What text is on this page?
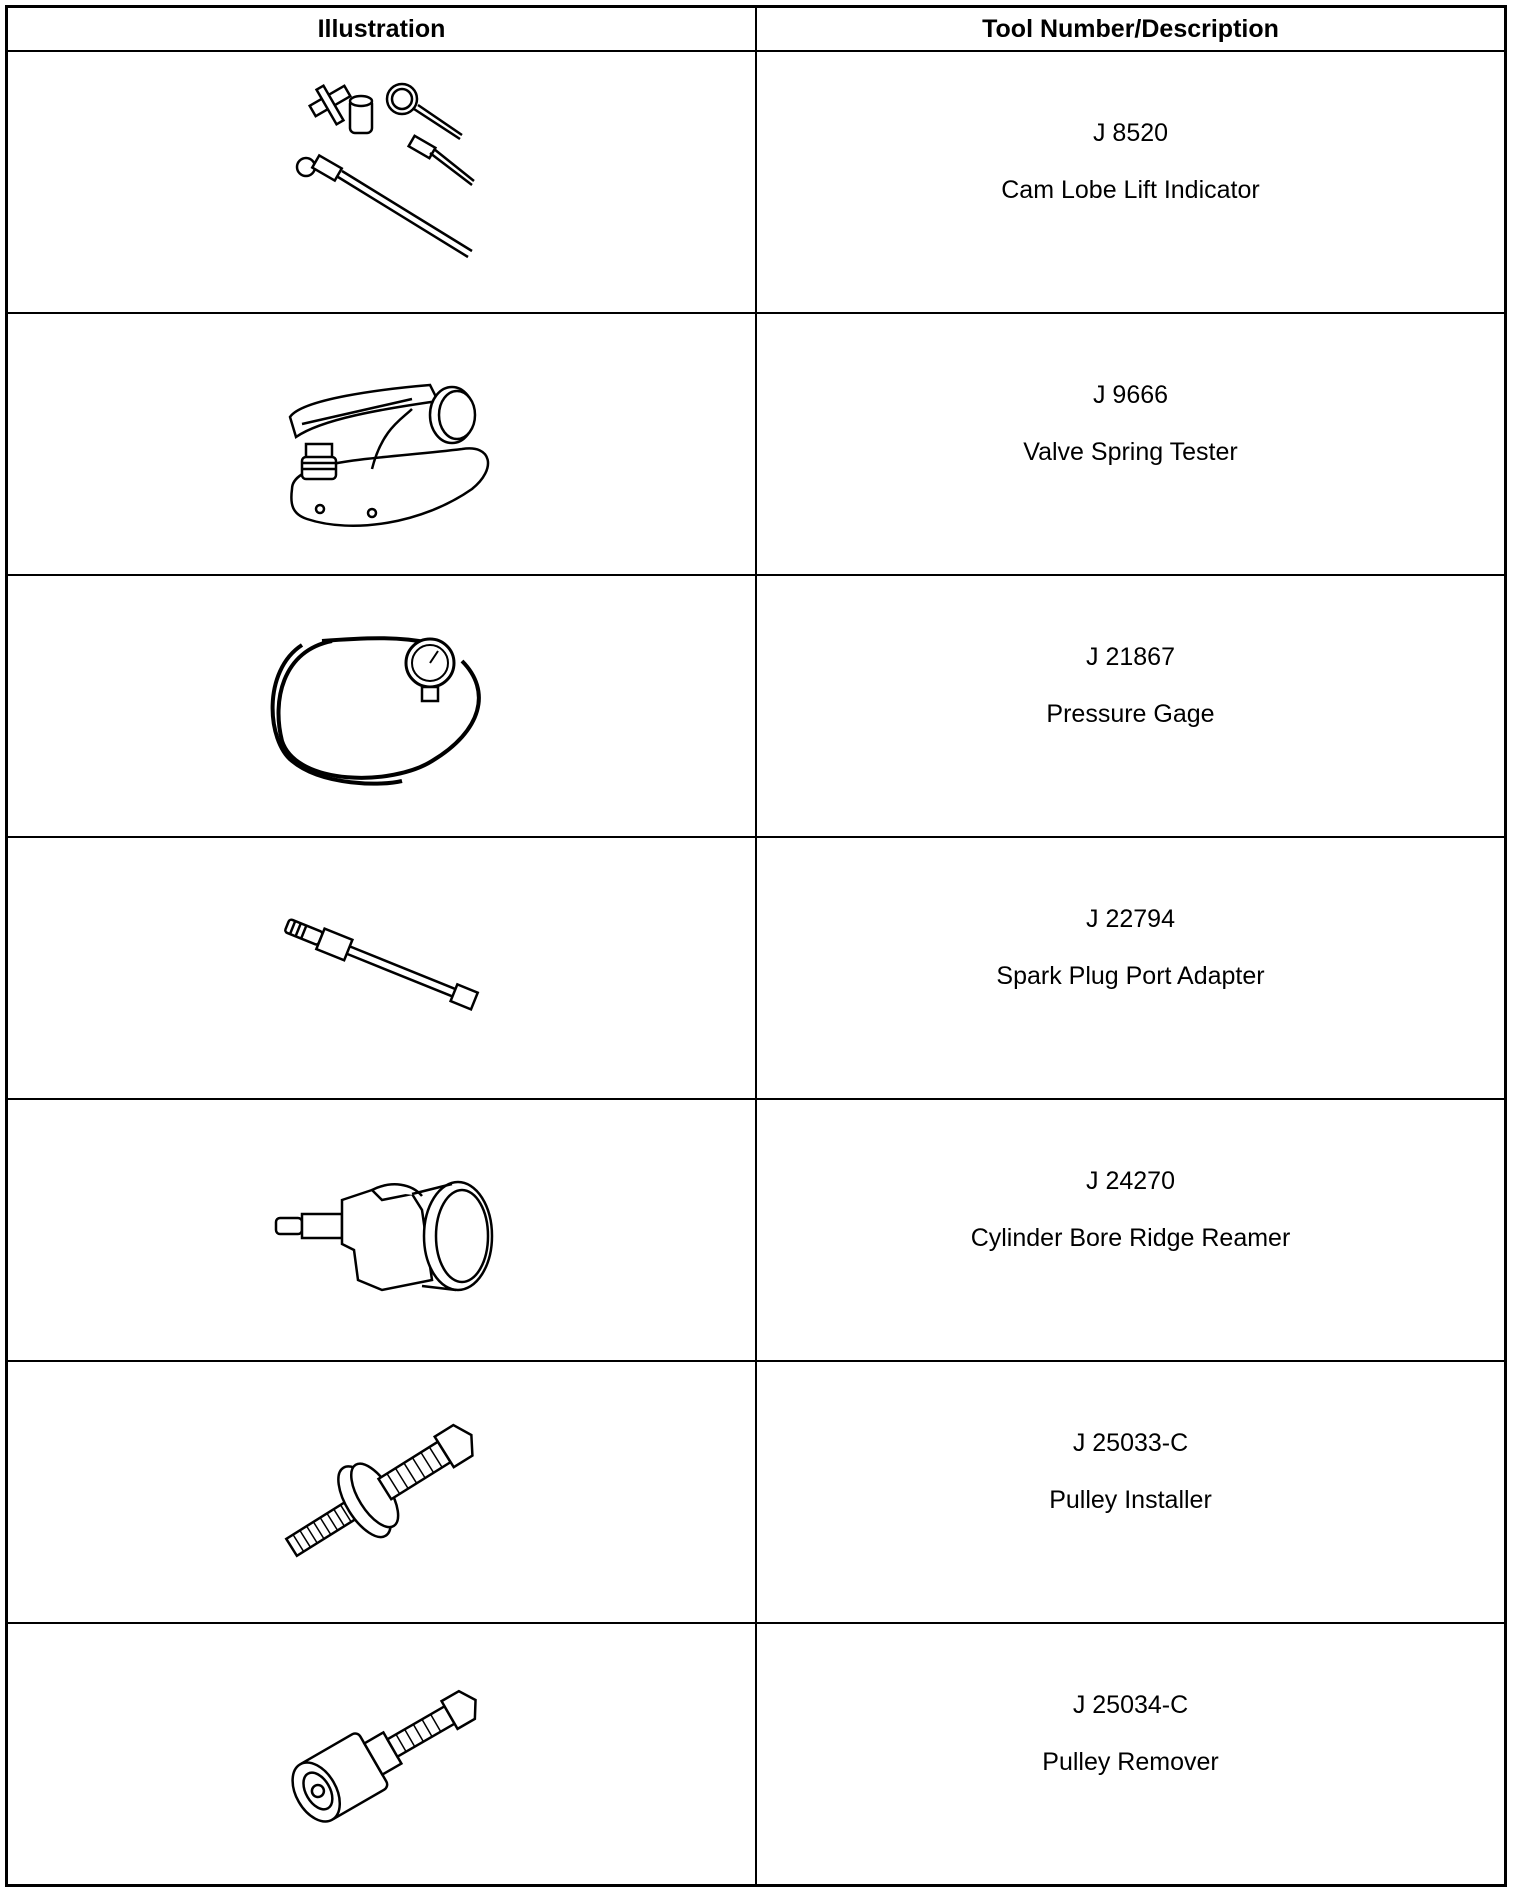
Illustration	Tool Number/Description

J 8520
Cam Lobe Lift Indicator

J 9666
Valve Spring Tester

J 21867
Pressure Gage

J 22794
Spark Plug Port Adapter

J 24270
Cylinder Bore Ridge Reamer

J 25033-C
Pulley Installer

J 25034-C
Pulley Remover
